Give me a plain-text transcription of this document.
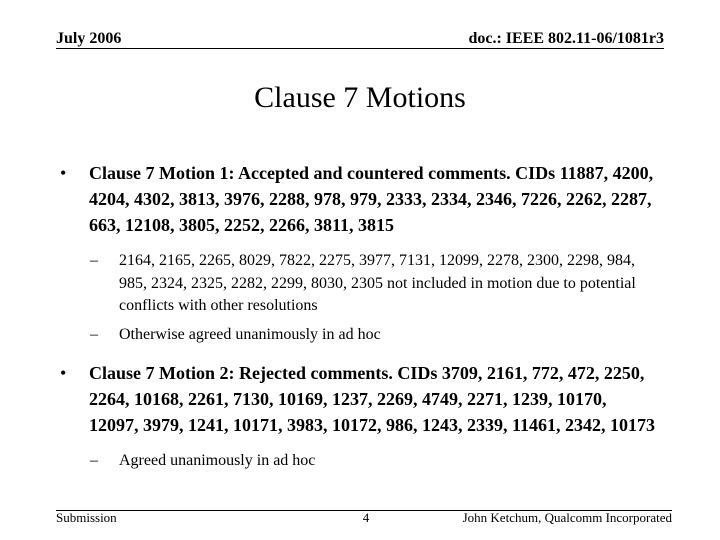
July 2006	doc.: IEEE 802.11-06/1081r3
Clause 7 Motions
• Clause 7 Motion 1: Accepted and countered comments. CIDs 11887, 4200, 4204, 4302, 3813, 3976, 2288, 978, 979, 2333, 2334, 2346, 7226, 2262, 2287, 663, 12108, 3805, 2252, 2266, 3811, 3815
– 2164, 2165, 2265, 8029, 7822, 2275, 3977, 7131, 12099, 2278, 2300, 2298, 984, 985, 2324, 2325, 2282, 2299, 8030, 2305 not included in motion due to potential conflicts with other resolutions
– Otherwise agreed unanimously in ad hoc
• Clause 7 Motion 2: Rejected comments. CIDs 3709, 2161, 772, 472, 2250, 2264, 10168, 2261, 7130, 10169, 1237, 2269, 4749, 2271, 1239, 10170, 12097, 3979, 1241, 10171, 3983, 10172, 986, 1243, 2339, 11461, 2342, 10173
– Agreed unanimously in ad hoc
Submission	4	John Ketchum, Qualcomm Incorporated
